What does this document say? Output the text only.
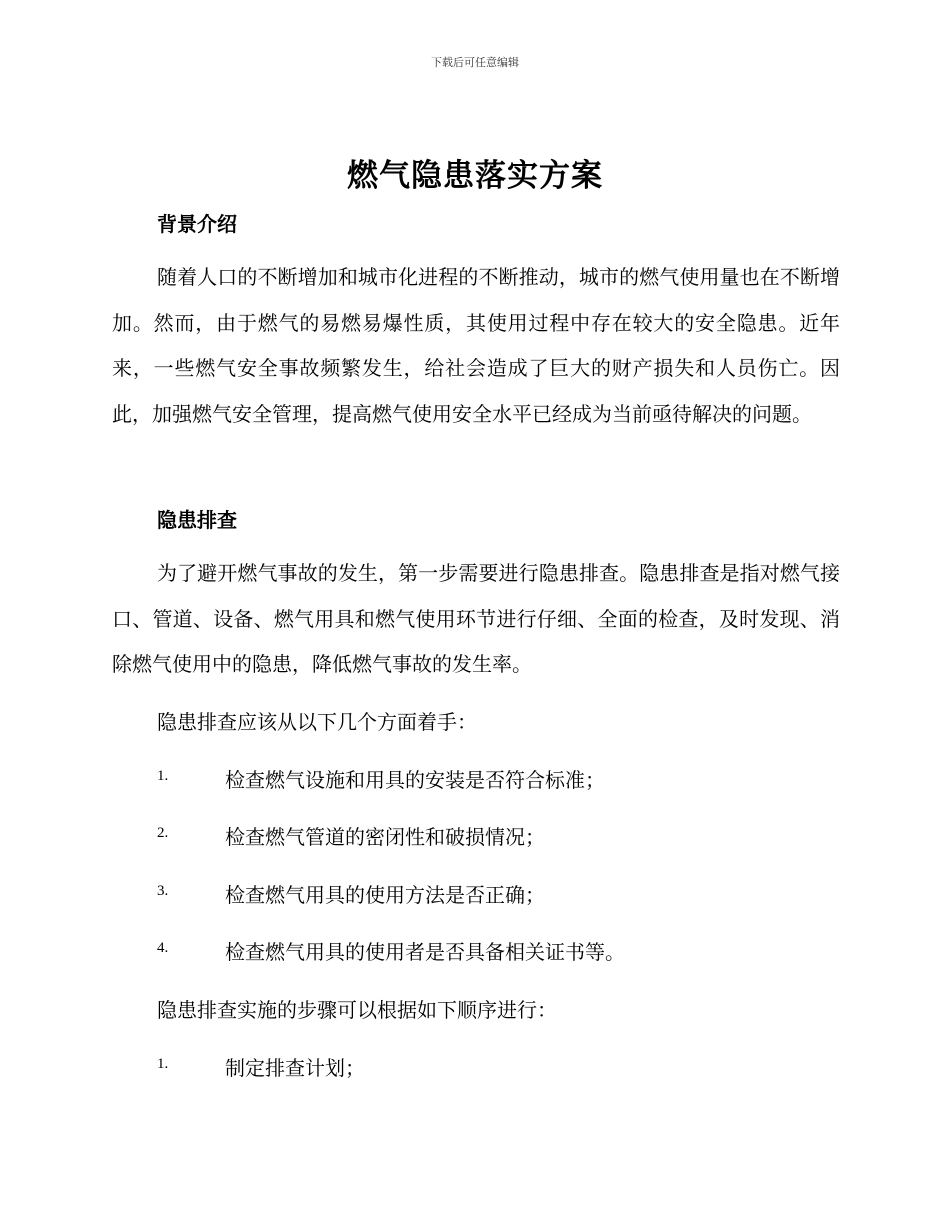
下载后可任意编辑
燃气隐患落实方案
背景介绍
随着人口的不断增加和城市化进程的不断推动，城市的燃气使用量也在不断增加。然而，由于燃气的易燃易爆性质，其使用过程中存在较大的安全隐患。近年来，一些燃气安全事故频繁发生，给社会造成了巨大的财产损失和人员伤亡。因此，加强燃气安全管理，提高燃气使用安全水平已经成为当前亟待解决的问题。
隐患排查
为了避开燃气事故的发生，第一步需要进行隐患排查。隐患排查是指对燃气接口、管道、设备、燃气用具和燃气使用环节进行仔细、全面的检查，及时发现、消除燃气使用中的隐患，降低燃气事故的发生率。
隐患排查应该从以下几个方面着手：
1.	检查燃气设施和用具的安装是否符合标准；
2.	检查燃气管道的密闭性和破损情况；
3.	检查燃气用具的使用方法是否正确；
4.	检查燃气用具的使用者是否具备相关证书等。
隐患排查实施的步骤可以根据如下顺序进行：
1.	制定排查计划；
